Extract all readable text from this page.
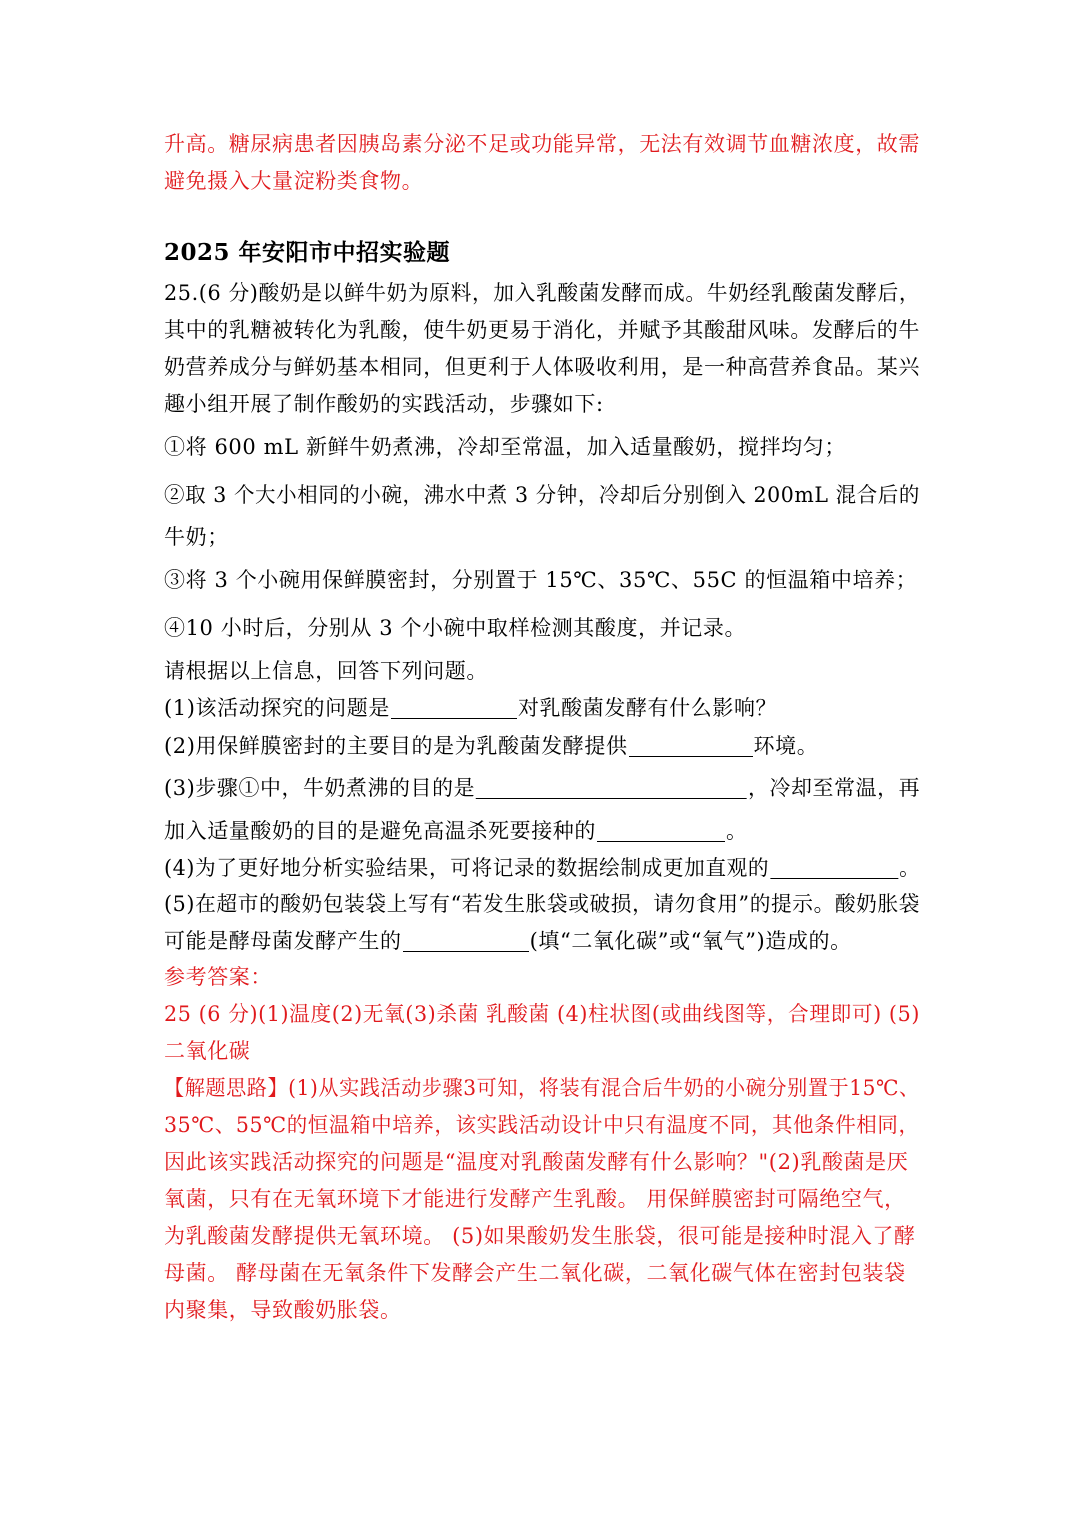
升高。糖尿病患者因胰岛素分泌不足或功能异常，无法有效调节血糖浓度，故需
避免摄入大量淀粉类食物。
2025 年安阳市中招实验题
25.(6 分)酸奶是以鲜牛奶为原料，加入乳酸菌发酵而成。牛奶经乳酸菌发酵后，
其中的乳糖被转化为乳酸，使牛奶更易于消化，并赋予其酸甜风味。发酵后的牛
奶营养成分与鲜奶基本相同，但更利于人体吸收利用，是一种高营养食品。某兴
趣小组开展了制作酸奶的实践活动，步骤如下:
①将 600 mL 新鲜牛奶煮沸，冷却至常温，加入适量酸奶，搅拌均匀；
②取 3 个大小相同的小碗，沸水中煮 3 分钟，冷却后分别倒入 200mL 混合后的
牛奶；
③将 3 个小碗用保鲜膜密封，分别置于 15℃、35℃、55C 的恒温箱中培养；
④10 小时后，分别从 3 个小碗中取样检测其酸度，并记录。
请根据以上信息，回答下列问题。
(1)该活动探究的问题是	对乳酸菌发酵有什么影响？
(2)用保鲜膜密封的主要目的是为乳酸菌发酵提供	环境。
(3)步骤①中，牛奶煮沸的目的是	，冷却至常温，再
加入适量酸奶的目的是避免高温杀死要接种的	。
(4)为了更好地分析实验结果，可将记录的数据绘制成更加直观的	。
(5)在超市的酸奶包装袋上写有“若发生胀袋或破损，请勿食用”的提示。酸奶胀袋
可能是酵母菌发酵产生的	(填“二氧化碳”或“氧气”)造成的。
参考答案：
25 (6 分)(1)温度(2)无氧(3)杀菌 乳酸菌 (4)柱状图(或曲线图等，合理即可) (5)
二氧化碳
【解题思路】(1)从实践活动步骤3可知，将装有混合后牛奶的小碗分别置于15℃、
35℃、55℃的恒温箱中培养，该实践活动设计中只有温度不同，其他条件相同，
因此该实践活动探究的问题是“温度对乳酸菌发酵有什么影响？"(2)乳酸菌是厌
氧菌，只有在无氧环境下才能进行发酵产生乳酸。 用保鲜膜密封可隔绝空气，
为乳酸菌发酵提供无氧环境。 (5)如果酸奶发生胀袋，很可能是接种时混入了酵
母菌。 酵母菌在无氧条件下发酵会产生二氧化碳，二氧化碳气体在密封包装袋
内聚集，导致酸奶胀袋。
